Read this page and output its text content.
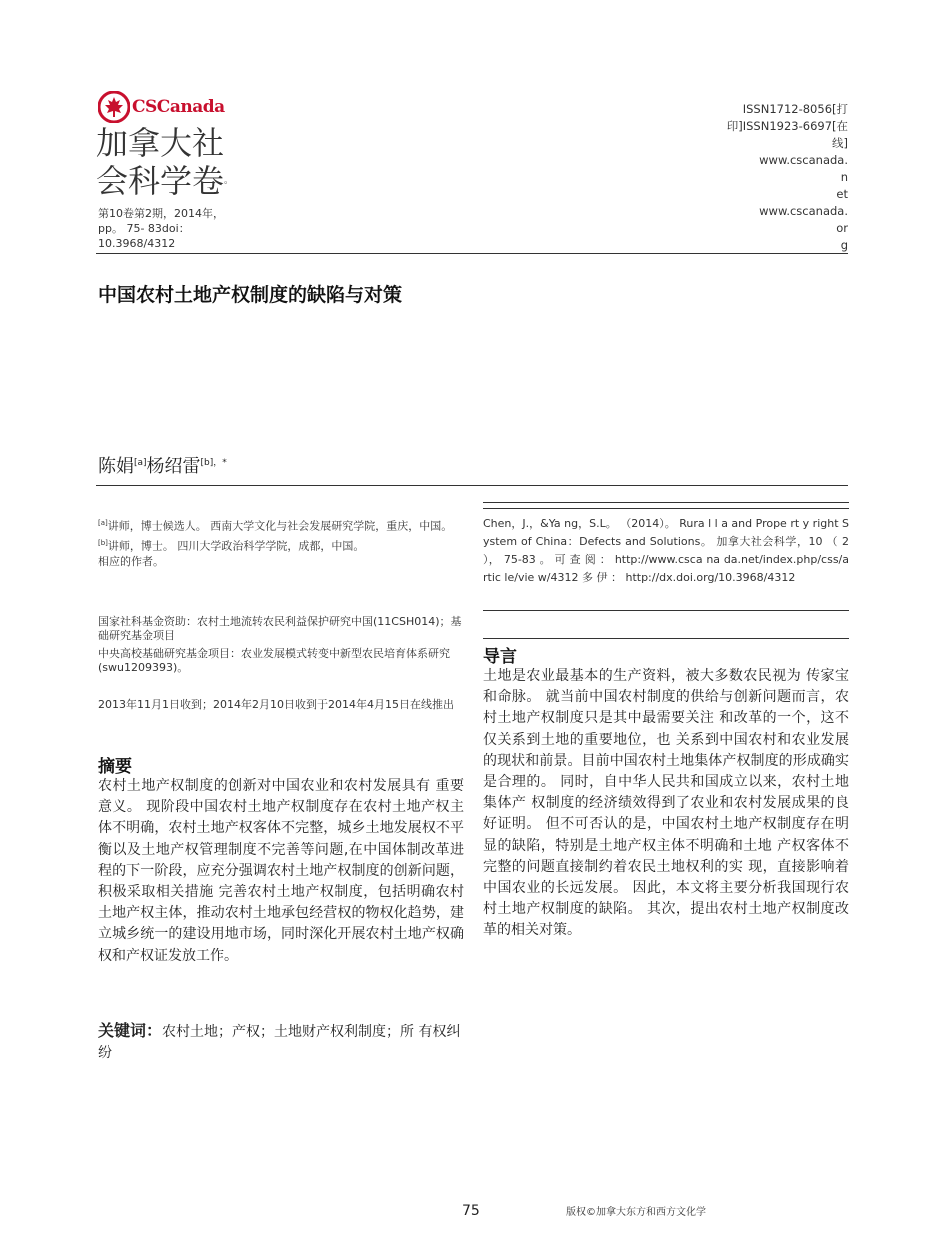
CSCanada
加拿大社
会科学卷。
第10卷第2期，2014年，
pp。 75- 83doi：
10.3968/4312
ISSN1712-8056[打
印]ISSN1923-6697[在
线]
www.cscanada.
n
et
www.cscanada.
or
g
中国农村土地产权制度的缺陷与对策
陈娟[a]杨绍雷$^{[b],*}$
[a]讲师，博士候选人。 西南大学文化与社会发展研究学院，重庆，中国。
[b]讲师，博士。 四川大学政治科学学院，成都，中国。
相应的作者。

国家社科基金资助：农村土地流转农民利益保护研究中国(11CSH014)；基础研究基金项目

中央高校基础研究基金项目：农业发展模式转变中新型农民培育体系研究(swu1209393)。

2013年11月1日收到；2014年2月10日收到于2014年4月15日在线推出
摘要

农村土地产权制度的创新对中国农业和农村发展具有 重要意义。 现阶段中国农村土地产权制度存在农村土地产权主体不明确，农村土地产权客体不完整，城乡土地发展权不平衡以及土地产权管理制度不完善等问题,在中国体制改革进程的下一阶段，应充分强调农村土地产权制度的创新问题，积极采取相关措施 完善农村土地产权制度，包括明确农村土地产权主体，推动农村土地承包经营权的物权化趋势，建立城乡统一的建设用地市场，同时深化开展农村土地产权确权和产权证发放工作。

关键词：农村土地；产权；土地财产权利制度；所 有权纠纷

Chen，J.，&Ya ng，S.L。 （2014）。 Rura l l a and Prope rt y right System of China：Defects and Solutions。 加拿大社会科学，10 （ 2 ）， 75-83 。 可 查 阅 ： http://www.csca na da.net/index.php/css/artic le/vie w/4312 多 伊 ： http://dx.doi.org/10.3968/4312

导言

土地是农业最基本的生产资料，被大多数农民视为 传家宝和命脉。 就当前中国农村制度的供给与创新问题而言，农村土地产权制度只是其中最需要关注 和改革的一个，这不仅关系到土地的重要地位，也 关系到中国农村和农业发展的现状和前景。目前中国农村土地集体产权制度的形成确实是合理的。 同时，自中华人民共和国成立以来，农村土地集体产 权制度的经济绩效得到了农业和农村发展成果的良 好证明。 但不可否认的是，中国农村土地产权制度存在明显的缺陷，特别是土地产权主体不明确和土地 产权客体不完整的问题直接制约着农民土地权利的实 现，直接影响着中国农业的长远发展。 因此，本文将主要分析我国现行农村土地产权制度的缺陷。 其次，提出农村土地产权制度改革的相关对策。

75	版权©加拿大东方和西方文化学
